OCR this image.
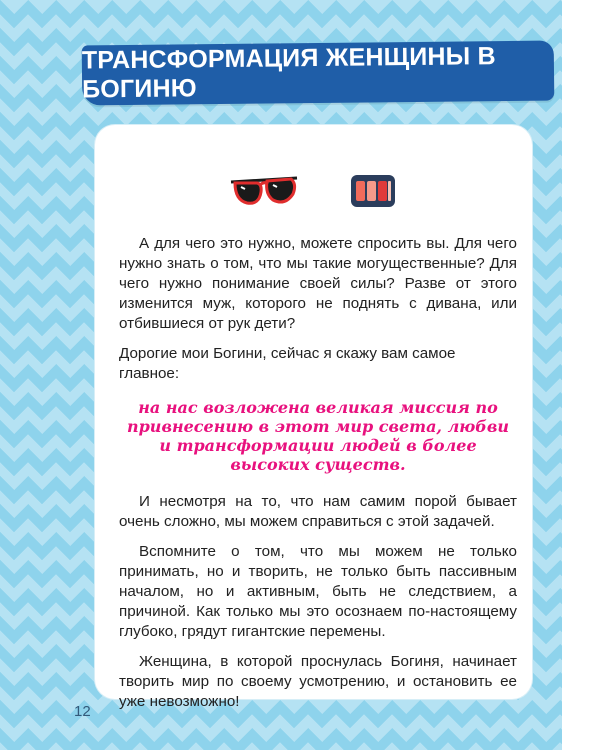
ТРАНСФОРМАЦИЯ ЖЕНЩИНЫ В БОГИНЮ

А для чего это нужно, можете спросить вы. Для чего нужно знать о том, что мы такие могущественные? Для чего нужно понимание своей силы? Разве от этого изменится муж, которого не поднять с дивана, или отбившиеся от рук дети?

Дорогие мои Богини, сейчас я скажу вам самое главное:

на нас возложена великая миссия по привнесению в этот мир света, любви и трансформации людей в более высоких существ.

И несмотря на то, что нам самим порой бывает очень сложно, мы можем справиться с этой задачей.

Вспомните о том, что мы можем не только принимать, но и творить, не только быть пассивным началом, но и активным, быть не следствием, а причиной. Как только мы это осознаем по-настоящему глубоко, грядут гигантские перемены.

Женщина, в которой проснулась Богиня, начинает творить мир по своему усмотрению, и остановить ее уже невозможно!

12
